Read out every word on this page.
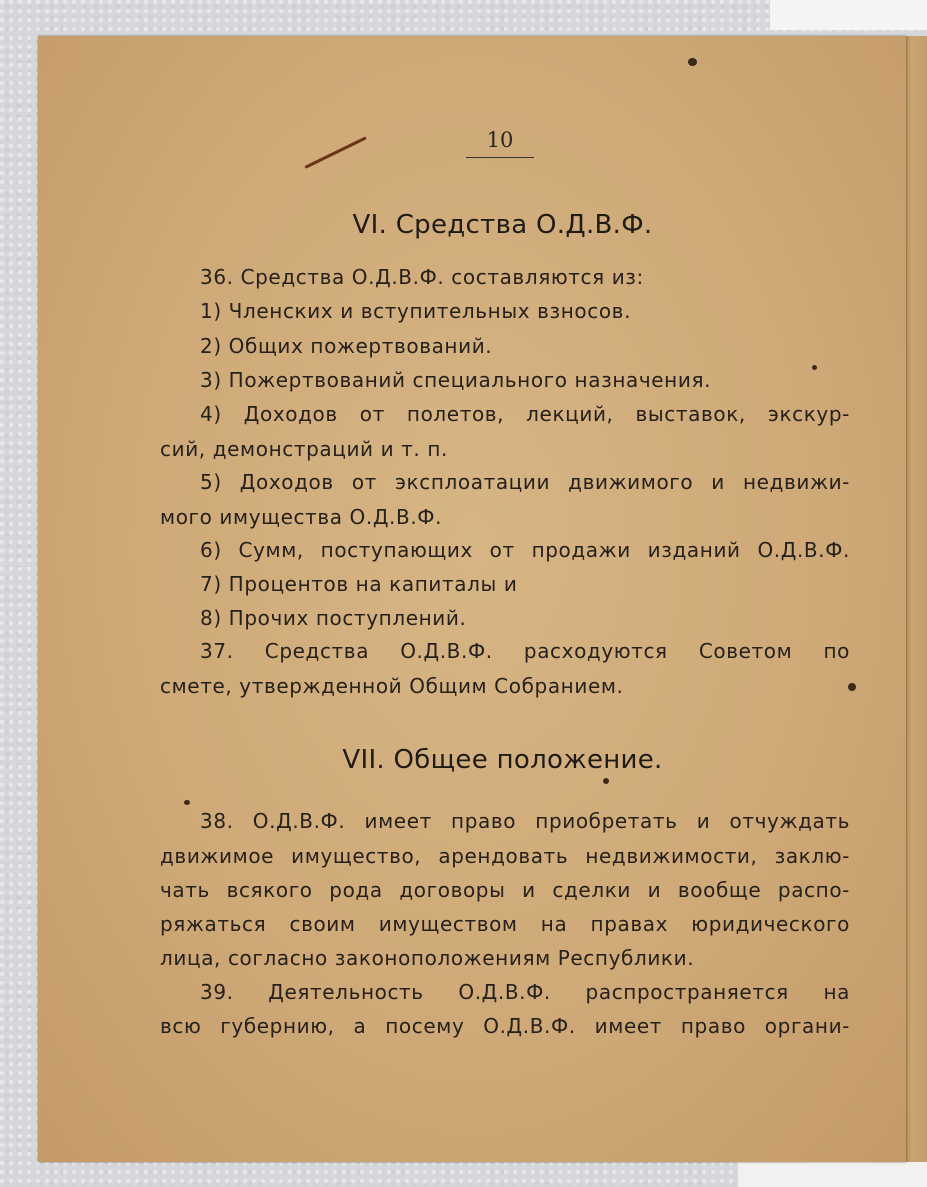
10
VI. Средства О.Д.В.Ф.
36. Средства О.Д.В.Ф. составляются из:
1) Членских и вступительных взносов.
2) Общих пожертвований.
3) Пожертвований специального назначения.
4) Доходов от полетов, лекций, выставок, экскур-
сий, демонстраций и т. п.
5) Доходов от эксплоатации движимого и недвижи-
мого имущества О.Д.В.Ф.
6) Сумм, поступающих от продажи изданий О.Д.В.Ф.
7) Процентов на капиталы и
8) Прочих поступлений.
37. Средства О.Д.В.Ф. расходуются Советом по
смете, утвержденной Общим Собранием.
VII. Общее положение.
38. О.Д.В.Ф. имеет право приобретать и отчуждать
движимое имущество, арендовать недвижимости, заклю-
чать всякого рода договоры и сделки и вообще распо-
ряжаться своим имуществом на правах юридического
лица, согласно законоположениям Республики.
39. Деятельность О.Д.В.Ф. распространяется на
всю губернию, а посему О.Д.В.Ф. имеет право органи-
